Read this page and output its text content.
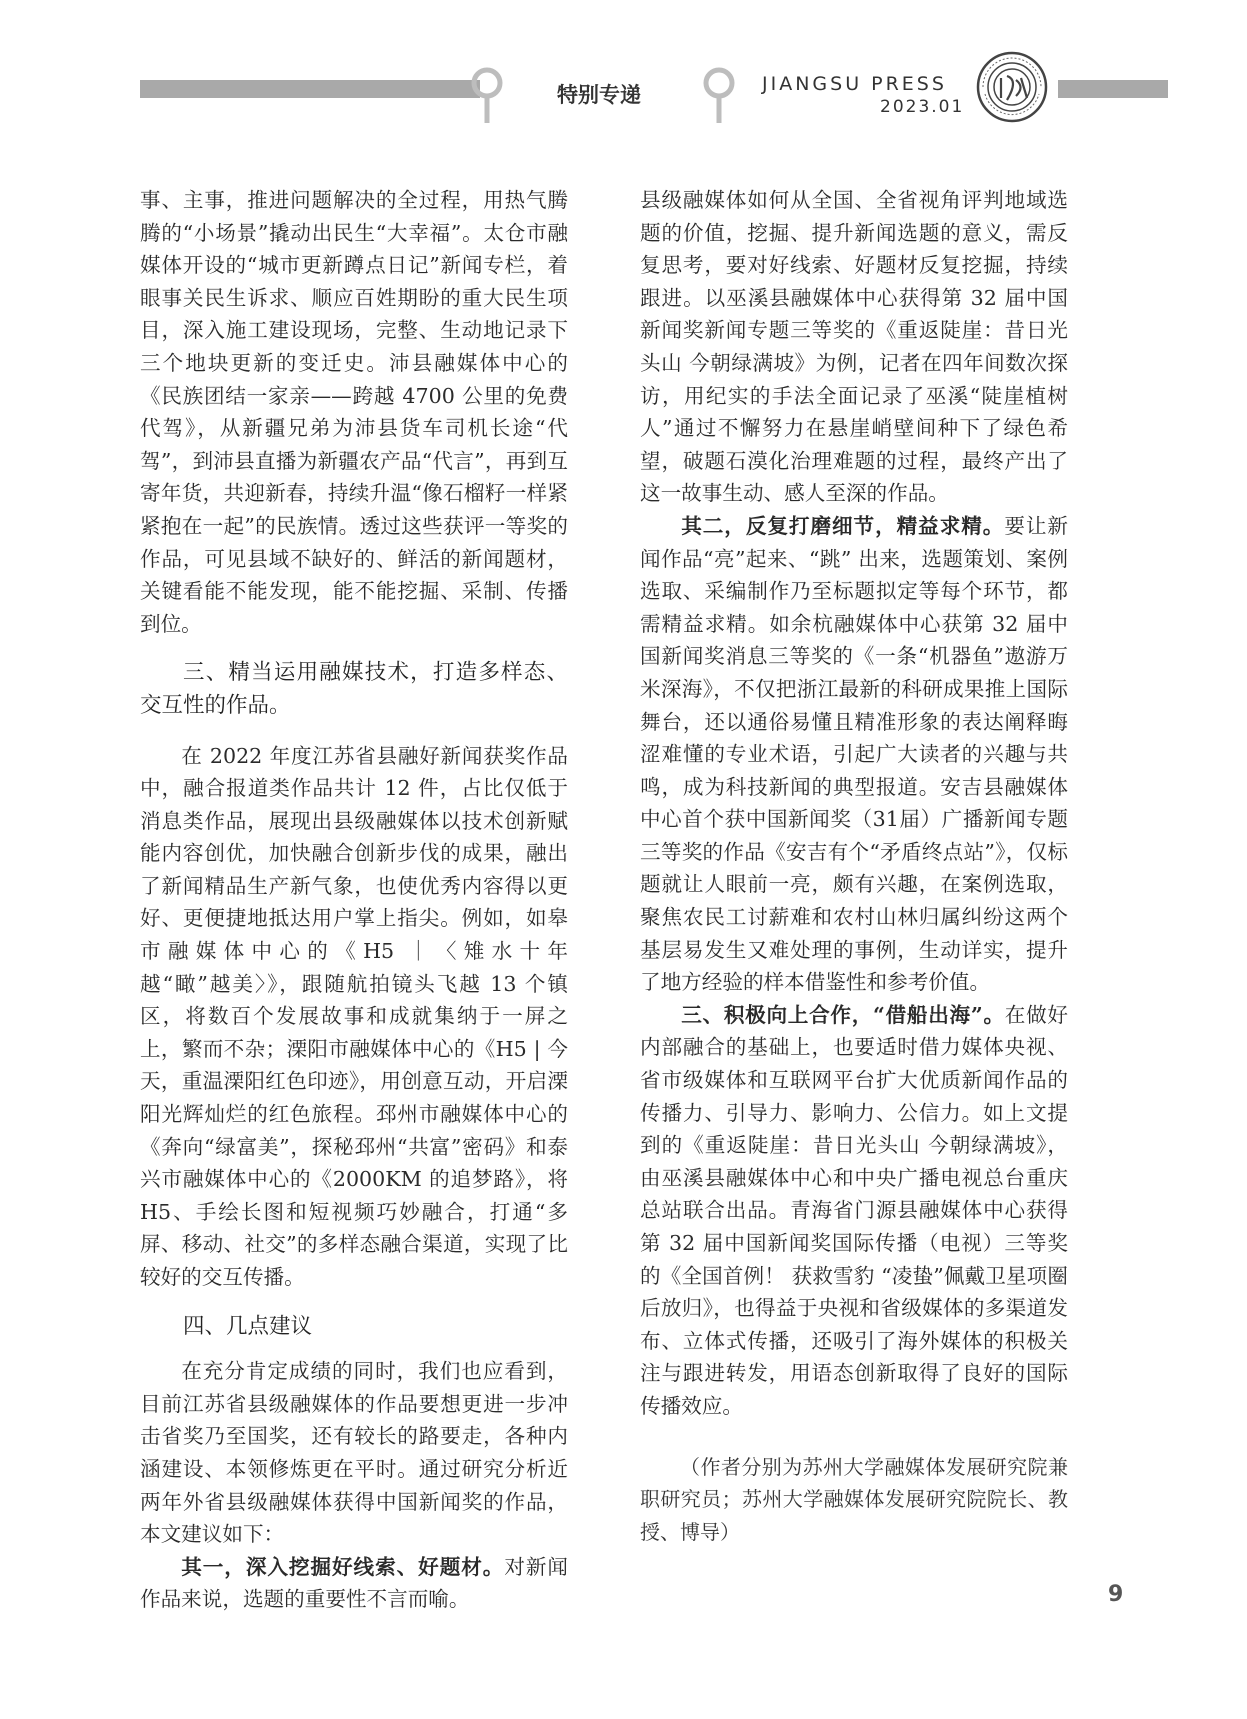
特别专递	JIANGSU PRESS
2023.01

事、主事，推进问题解决的全过程，用热气腾腾的“小场景”撬动出民生“大幸福”。太仓市融媒体开设的“城市更新蹲点日记”新闻专栏，着眼事关民生诉求、顺应百姓期盼的重大民生项目，深入施工建设现场，完整、生动地记录下三个地块更新的变迁史。沛县融媒体中心的《民族团结一家亲——跨越 4700 公里的免费代驾》，从新疆兄弟为沛县货车司机长途“代驾”，到沛县直播为新疆农产品“代言”，再到互寄年货，共迎新春，持续升温“像石榴籽一样紧紧抱在一起”的民族情。透过这些获评一等奖的作品，可见县域不缺好的、鲜活的新闻题材，关键看能不能发现，能不能挖掘、采制、传播到位。

三、精当运用融媒技术，打造多样态、交互性的作品。

在 2022 年度江苏省县融好新闻获奖作品中，融合报道类作品共计 12 件，占比仅低于消息类作品，展现出县级融媒体以技术创新赋能内容创优，加快融合创新步伐的成果，融出了新闻精品生产新气象，也使优秀内容得以更好、更便捷地抵达用户掌上指尖。例如，如皋市融媒体中心的《H5 ｜〈雉水十年　越“瞰”越美〉》，跟随航拍镜头飞越 13 个镇区，将数百个发展故事和成就集纳于一屏之上，繁而不杂；溧阳市融媒体中心的《H5 | 今天，重温溧阳红色印迹》，用创意互动，开启溧阳光辉灿烂的红色旅程。邳州市融媒体中心的《奔向“绿富美”，探秘邳州“共富”密码》和泰兴市融媒体中心的《2000KM 的追梦路》，将 H5、手绘长图和短视频巧妙融合，打通“多屏、移动、社交”的多样态融合渠道，实现了比较好的交互传播。

四、几点建议

在充分肯定成绩的同时，我们也应看到，目前江苏省县级融媒体的作品要想更进一步冲击省奖乃至国奖，还有较长的路要走，各种内涵建设、本领修炼更在平时。通过研究分析近两年外省县级融媒体获得中国新闻奖的作品，本文建议如下：

其一，深入挖掘好线索、好题材。对新闻作品来说，选题的重要性不言而喻。

县级融媒体如何从全国、全省视角评判地域选题的价值，挖掘、提升新闻选题的意义，需反复思考，要对好线索、好题材反复挖掘，持续跟进。以巫溪县融媒体中心获得第 32 届中国新闻奖新闻专题三等奖的《重返陡崖：昔日光头山 今朝绿满坡》为例，记者在四年间数次探访，用纪实的手法全面记录了巫溪“陡崖植树人”通过不懈努力在悬崖峭壁间种下了绿色希望，破题石漠化治理难题的过程，最终产出了这一故事生动、感人至深的作品。

其二，反复打磨细节，精益求精。要让新闻作品“亮”起来、“跳” 出来，选题策划、案例选取、采编制作乃至标题拟定等每个环节，都需精益求精。如余杭融媒体中心获第 32 届中国新闻奖消息三等奖的《一条“机器鱼”遨游万米深海》，不仅把浙江最新的科研成果推上国际舞台，还以通俗易懂且精准形象的表达阐释晦涩难懂的专业术语，引起广大读者的兴趣与共鸣，成为科技新闻的典型报道。安吉县融媒体中心首个获中国新闻奖（31届）广播新闻专题三等奖的作品《安吉有个“矛盾终点站”》，仅标题就让人眼前一亮，颇有兴趣，在案例选取，聚焦农民工讨薪难和农村山林归属纠纷这两个基层易发生又难处理的事例，生动详实，提升了地方经验的样本借鉴性和参考价值。

三、积极向上合作，“借船出海”。在做好内部融合的基础上，也要适时借力媒体央视、省市级媒体和互联网平台扩大优质新闻作品的传播力、引导力、影响力、公信力。如上文提到的《重返陡崖：昔日光头山 今朝绿满坡》，由巫溪县融媒体中心和中央广播电视总台重庆总站联合出品。青海省门源县融媒体中心获得第 32 届中国新闻奖国际传播（电视）三等奖的《全国首例！ 获救雪豹 “凌蛰”佩戴卫星项圈后放归》，也得益于央视和省级媒体的多渠道发布、立体式传播，还吸引了海外媒体的积极关注与跟进转发，用语态创新取得了良好的国际传播效应。

（作者分别为苏州大学融媒体发展研究院兼职研究员；苏州大学融媒体发展研究院院长、教授、博导）

9
